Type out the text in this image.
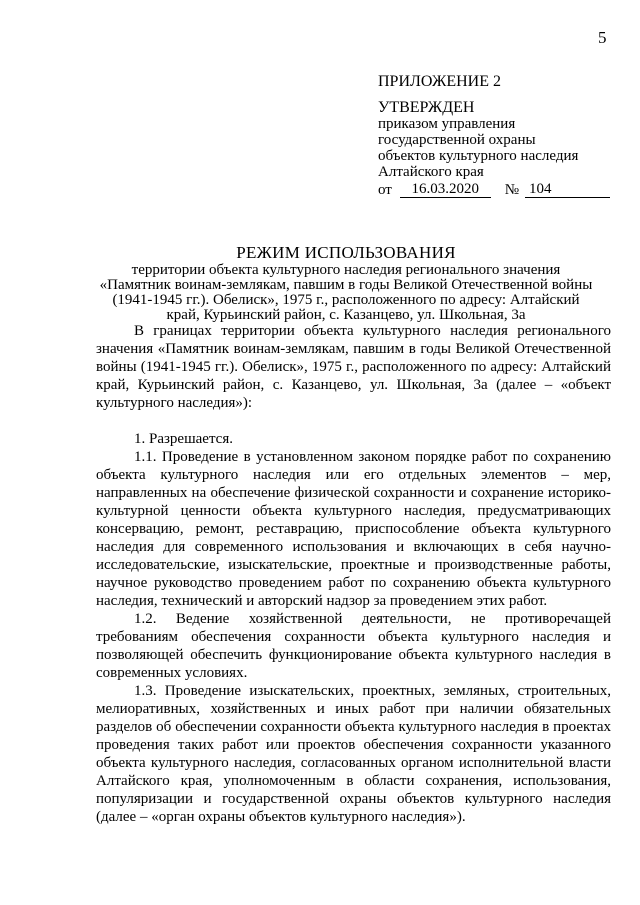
5
ПРИЛОЖЕНИЕ 2
УТВЕРЖДЕН
приказом управления
государственной охраны
объектов культурного наследия
Алтайского края
от	16.03.2020	№ 104
РЕЖИМ ИСПОЛЬЗОВАНИЯ
территории объекта культурного наследия регионального значения «Памятник воинам-землякам, павшим в годы Великой Отечественной войны (1941-1945 гг.). Обелиск», 1975 г., расположенного по адресу: Алтайский край, Курьинский район, с. Казанцево, ул. Школьная, 3а

В границах территории объекта культурного наследия регионального значения «Памятник воинам-землякам, павшим в годы Великой Отечественной войны (1941-1945 гг.). Обелиск», 1975 г., расположенного по адресу: Алтайский край, Курьинский район, с. Казанцево, ул. Школьная, 3а (далее – «объект культурного наследия»):

1. Разрешается.

1.1. Проведение в установленном законом порядке работ по сохранению объекта культурного наследия или его отдельных элементов – мер, направленных на обеспечение физической сохранности и сохранение историко-культурной ценности объекта культурного наследия, предусматривающих консервацию, ремонт, реставрацию, приспособление объекта культурного наследия для современного использования и включающих в себя научно-исследовательские, изыскательские, проектные и производственные работы, научное руководство проведением работ по сохранению объекта культурного наследия, технический и авторский надзор за проведением этих работ.

1.2. Ведение хозяйственной деятельности, не противоречащей требованиям обеспечения сохранности объекта культурного наследия и позволяющей обеспечить функционирование объекта культурного наследия в современных условиях.

1.3. Проведение изыскательских, проектных, земляных, строительных, мелиоративных, хозяйственных и иных работ при наличии обязательных разделов об обеспечении сохранности объекта культурного наследия в проектах проведения таких работ или проектов обеспечения сохранности указанного объекта культурного наследия, согласованных органом исполнительной власти Алтайского края, уполномоченным в области сохранения, использования, популяризации и государственной охраны объектов культурного наследия (далее – «орган охраны объектов культурного наследия»).
